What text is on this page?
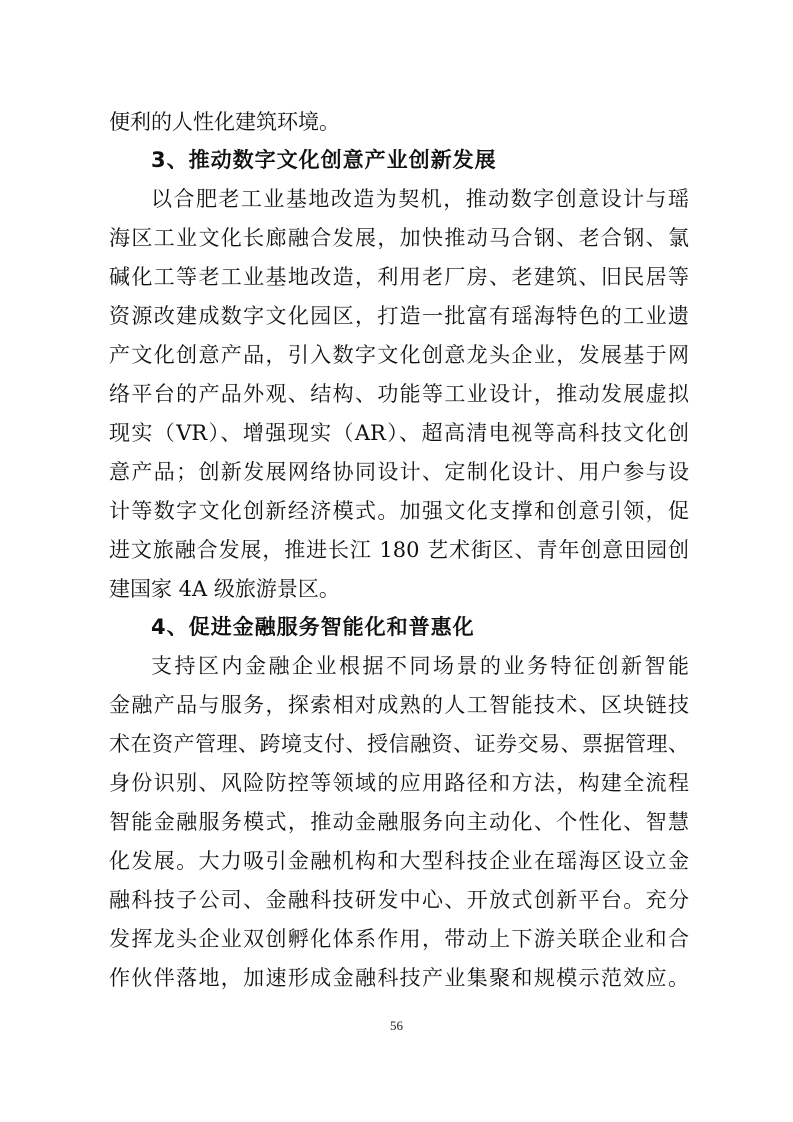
便利的人性化建筑环境。
3、推动数字文化创意产业创新发展
以合肥老工业基地改造为契机，推动数字创意设计与瑶
海区工业文化长廊融合发展，加快推动马合钢、老合钢、氯
碱化工等老工业基地改造，利用老厂房、老建筑、旧民居等
资源改建成数字文化园区，打造一批富有瑶海特色的工业遗
产文化创意产品，引入数字文化创意龙头企业，发展基于网
络平台的产品外观、结构、功能等工业设计，推动发展虚拟
现实（VR）、增强现实（AR）、超高清电视等高科技文化创
意产品；创新发展网络协同设计、定制化设计、用户参与设
计等数字文化创新经济模式。加强文化支撑和创意引领，促
进文旅融合发展，推进长江 180 艺术街区、青年创意田园创
建国家 4A 级旅游景区。
4、促进金融服务智能化和普惠化
支持区内金融企业根据不同场景的业务特征创新智能
金融产品与服务，探索相对成熟的人工智能技术、区块链技
术在资产管理、跨境支付、授信融资、证券交易、票据管理、
身份识别、风险防控等领域的应用路径和方法，构建全流程
智能金融服务模式，推动金融服务向主动化、个性化、智慧
化发展。大力吸引金融机构和大型科技企业在瑶海区设立金
融科技子公司、金融科技研发中心、开放式创新平台。充分
发挥龙头企业双创孵化体系作用，带动上下游关联企业和合
作伙伴落地，加速形成金融科技产业集聚和规模示范效应。
56
